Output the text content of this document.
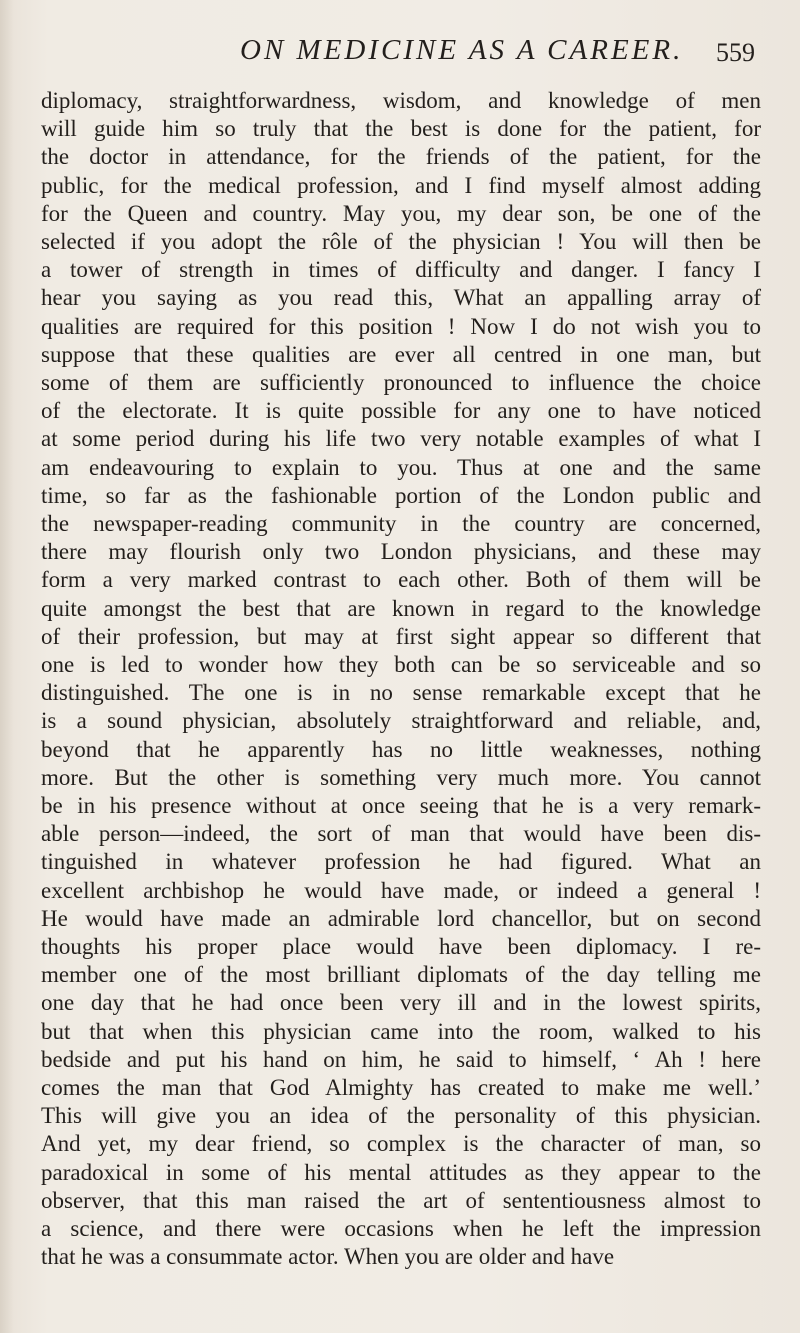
ON MEDICINE AS A CAREER. 559
diplomacy, straightforwardness, wisdom, and knowledge of men
will guide him so truly that the best is done for the patient, for
the doctor in attendance, for the friends of the patient, for the
public, for the medical profession, and I find myself almost adding
for the Queen and country. May you, my dear son, be one of the
selected if you adopt the rôle of the physician ! You will then be
a tower of strength in times of difficulty and danger. I fancy I
hear you saying as you read this, What an appalling array of
qualities are required for this position ! Now I do not wish you to
suppose that these qualities are ever all centred in one man, but
some of them are sufficiently pronounced to influence the choice
of the electorate. It is quite possible for any one to have noticed
at some period during his life two very notable examples of what I
am endeavouring to explain to you. Thus at one and the same
time, so far as the fashionable portion of the London public and
the newspaper-reading community in the country are concerned,
there may flourish only two London physicians, and these may
form a very marked contrast to each other. Both of them will be
quite amongst the best that are known in regard to the knowledge
of their profession, but may at first sight appear so different that
one is led to wonder how they both can be so serviceable and so
distinguished. The one is in no sense remarkable except that he
is a sound physician, absolutely straightforward and reliable, and,
beyond that he apparently has no little weaknesses, nothing
more. But the other is something very much more. You cannot
be in his presence without at once seeing that he is a very remark-
able person—indeed, the sort of man that would have been dis-
tinguished in whatever profession he had figured. What an
excellent archbishop he would have made, or indeed a general !
He would have made an admirable lord chancellor, but on second
thoughts his proper place would have been diplomacy. I re-
member one of the most brilliant diplomats of the day telling me
one day that he had once been very ill and in the lowest spirits,
but that when this physician came into the room, walked to his
bedside and put his hand on him, he said to himself, ‘ Ah ! here
comes the man that God Almighty has created to make me well.’
This will give you an idea of the personality of this physician.
And yet, my dear friend, so complex is the character of man, so
paradoxical in some of his mental attitudes as they appear to the
observer, that this man raised the art of sententiousness almost to
a science, and there were occasions when he left the impression
that he was a consummate actor. When you are older and have
